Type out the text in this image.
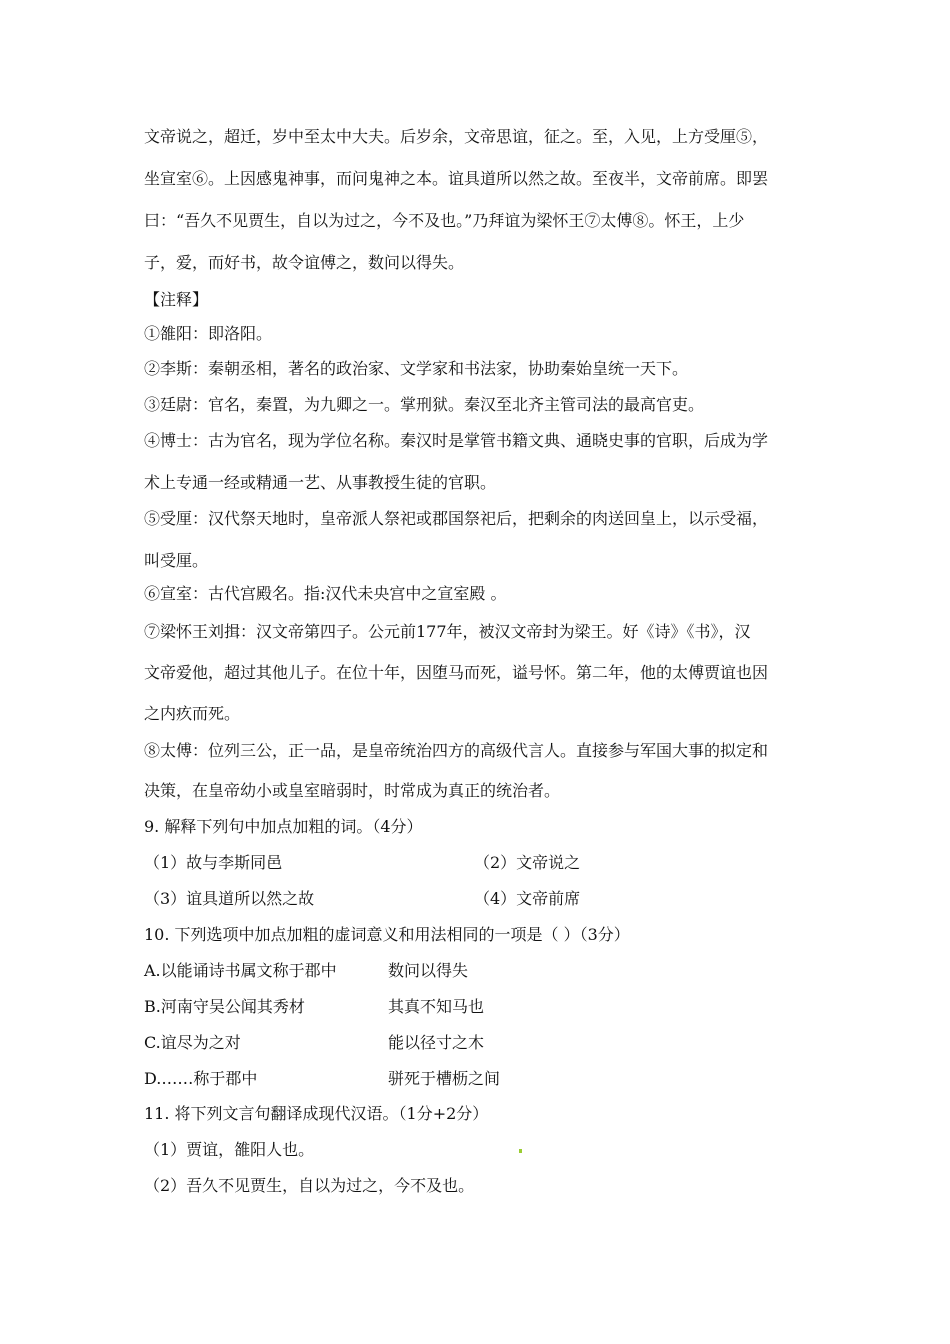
文帝说之，超迁，岁中至太中大夫。后岁余，文帝思谊，征之。至，入见，上方受厘⑤，
坐宣室⑥。上因感鬼神事，而问鬼神之本。谊具道所以然之故。至夜半，文帝前席。即罢
曰：“吾久不见贾生，自以为过之，今不及也。”乃拜谊为梁怀王⑦太傅⑧。怀王，上少
子，爱，而好书，故令谊傅之，数问以得失。
【注释】
①雒阳：即洛阳。
②李斯：秦朝丞相，著名的政治家、文学家和书法家，协助秦始皇统一天下。
③廷尉：官名，秦置，为九卿之一。掌刑狱。秦汉至北齐主管司法的最高官吏。
④博士：古为官名，现为学位名称。秦汉时是掌管书籍文典、通晓史事的官职，后成为学
术上专通一经或精通一艺、从事教授生徒的官职。
⑤受厘：汉代祭天地时，皇帝派人祭祀或郡国祭祀后，把剩余的肉送回皇上，以示受福，
叫受厘。
⑥宣室：古代宫殿名。指:汉代未央宫中之宣室殿 。
⑦梁怀王刘揖：汉文帝第四子。公元前177年，被汉文帝封为梁王。好《诗》《书》，汉
文帝爱他，超过其他儿子。在位十年，因堕马而死，谥号怀。第二年，他的太傅贾谊也因
之内疚而死。
⑧太傅：位列三公，正一品，是皇帝统治四方的高级代言人。直接参与军国大事的拟定和
决策，在皇帝幼小或皇室暗弱时，时常成为真正的统治者。
9. 解释下列句中加点加粗的词。（4分）
（1）故与李斯同邑	（2）文帝说之
（3）谊具道所以然之故	（4）文帝前席
10. 下列选项中加点加粗的虚词意义和用法相同的一项是（ ）（3分）
A.以能诵诗书属文称于郡中	数问以得失
B.河南守吴公闻其秀材	其真不知马也
C.谊尽为之对	能以径寸之木
D.……称于郡中	骈死于槽枥之间
11. 将下列文言句翻译成现代汉语。（1分+2分）
（1）贾谊，雒阳人也。
（2）吾久不见贾生，自以为过之，今不及也。
